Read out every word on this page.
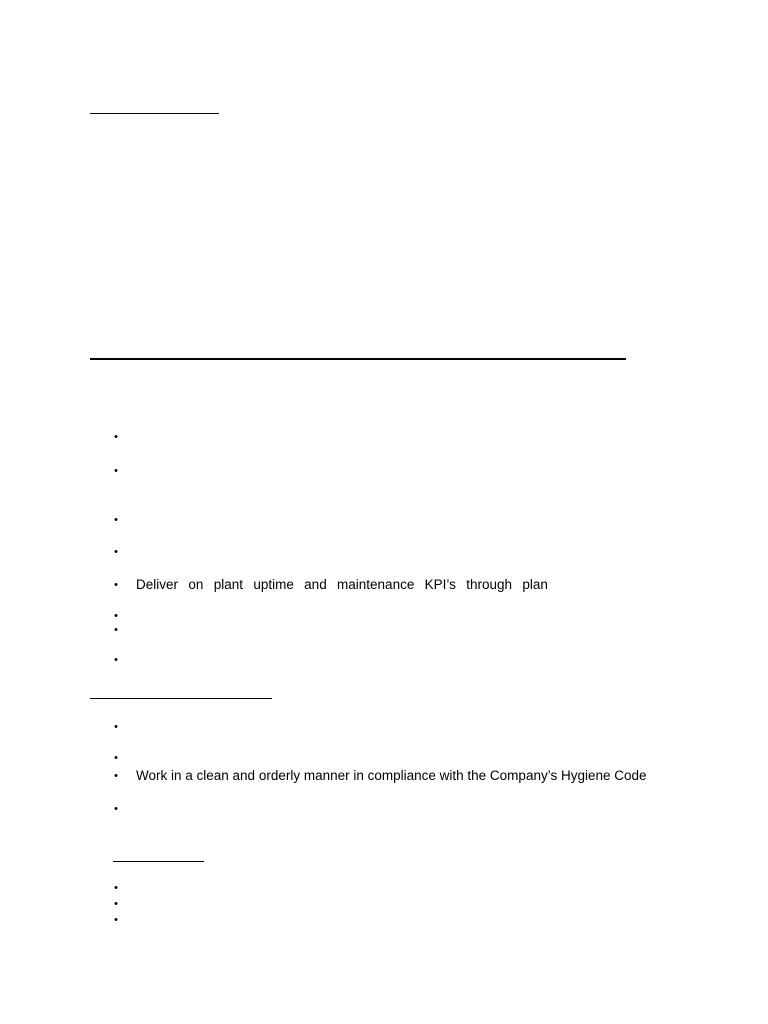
•
•
•
•
• Deliver on plant uptime and maintenance KPI’s through plan
•
•
•
•
•
• Work in a clean and orderly manner in compliance with the Company’s Hygiene Code
•
•
•
•
